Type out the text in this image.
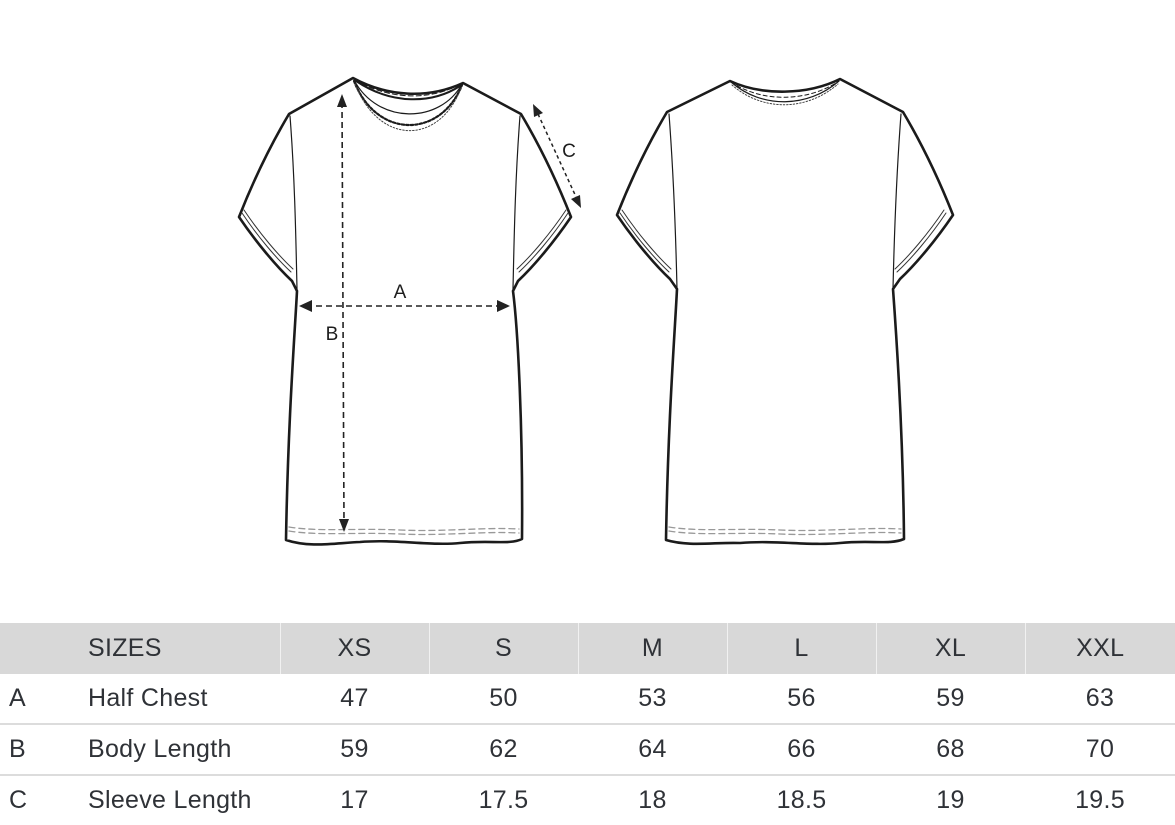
A
B
C
	SIZES	XS	S	M	L	XL	XXL
A	Half Chest	47	50	53	56	59	63
B	Body Length	59	62	64	66	68	70
C	Sleeve Length	17	17.5	18	18.5	19	19.5
